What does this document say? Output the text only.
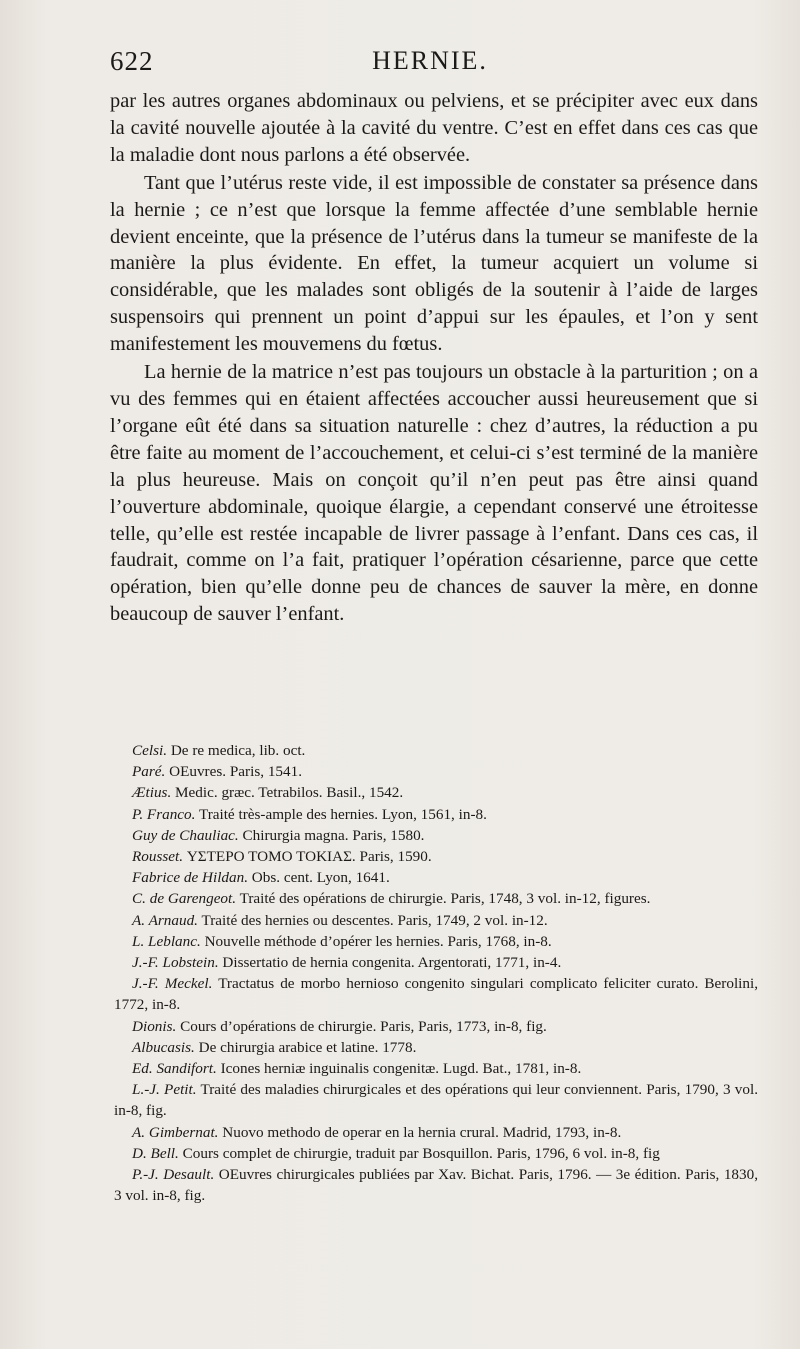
622	HERNIE.

par les autres organes abdominaux ou pelviens, et se précipiter avec eux dans la cavité nouvelle ajoutée à la cavité du ventre. C’est en effet dans ces cas que la maladie dont nous parlons a été observée.

Tant que l’utérus reste vide, il est impossible de constater sa présence dans la hernie ; ce n’est que lorsque la femme affectée d’une semblable hernie devient enceinte, que la présence de l’utérus dans la tumeur se manifeste de la manière la plus évidente. En effet, la tumeur acquiert un volume si considérable, que les malades sont obligés de la soutenir à l’aide de larges suspensoirs qui prennent un point d’appui sur les épaules, et l’on y sent manifestement les mouvemens du fœtus.

La hernie de la matrice n’est pas toujours un obstacle à la parturition ; on a vu des femmes qui en étaient affectées accoucher aussi heureusement que si l’organe eût été dans sa situation naturelle : chez d’autres, la réduction a pu être faite au moment de l’accouchement, et celui-ci s’est terminé de la manière la plus heureuse. Mais on conçoit qu’il n’en peut pas être ainsi quand l’ouverture abdominale, quoique élargie, a cependant conservé une étroitesse telle, qu’elle est restée incapable de livrer passage à l’enfant. Dans ces cas, il faudrait, comme on l’a fait, pratiquer l’opération césarienne, parce que cette opération, bien qu’elle donne peu de chances de sauver la mère, en donne beaucoup de sauver l’enfant.

Celsi. De re medica, lib. oct.
Paré. OEuvres. Paris, 1541.
Ætius. Medic. græc. Tetrabilos. Basil., 1542.
P. Franco. Traité très-ample des hernies. Lyon, 1561, in-8.
Guy de Chauliac. Chirurgia magna. Paris, 1580.
Rousset. ΥΣΤΕΡΟ ΤΟΜΟ ΤΟΚΙΑΣ. Paris, 1590.
Fabrice de Hildan. Obs. cent. Lyon, 1641.
C. de Garengeot. Traité des opérations de chirurgie. Paris, 1748, 3 vol. in-12, figures.
A. Arnaud. Traité des hernies ou descentes. Paris, 1749, 2 vol. in-12.
L. Leblanc. Nouvelle méthode d’opérer les hernies. Paris, 1768, in-8.
J.-F. Lobstein. Dissertatio de hernia congenita. Argentorati, 1771, in-4.
J.-F. Meckel. Tractatus de morbo hernioso congenito singulari complicato feliciter curato. Berolini, 1772, in-8.
Dionis. Cours d’opérations de chirurgie. Paris, Paris, 1773, in-8, fig.
Albucasis. De chirurgia arabice et latine. 1778.
Ed. Sandifort. Icones herniæ inguinalis congenitæ. Lugd. Bat., 1781, in-8.
L.-J. Petit. Traité des maladies chirurgicales et des opérations qui leur conviennent. Paris, 1790, 3 vol. in-8, fig.
A. Gimbernat. Nuovo methodo de operar en la hernia crural. Madrid, 1793, in-8.
D. Bell. Cours complet de chirurgie, traduit par Bosquillon. Paris, 1796, 6 vol. in-8, fig
P.-J. Desault. OEuvres chirurgicales publiées par Xav. Bichat. Paris, 1796. — 3e édition. Paris, 1830, 3 vol. in-8, fig.
